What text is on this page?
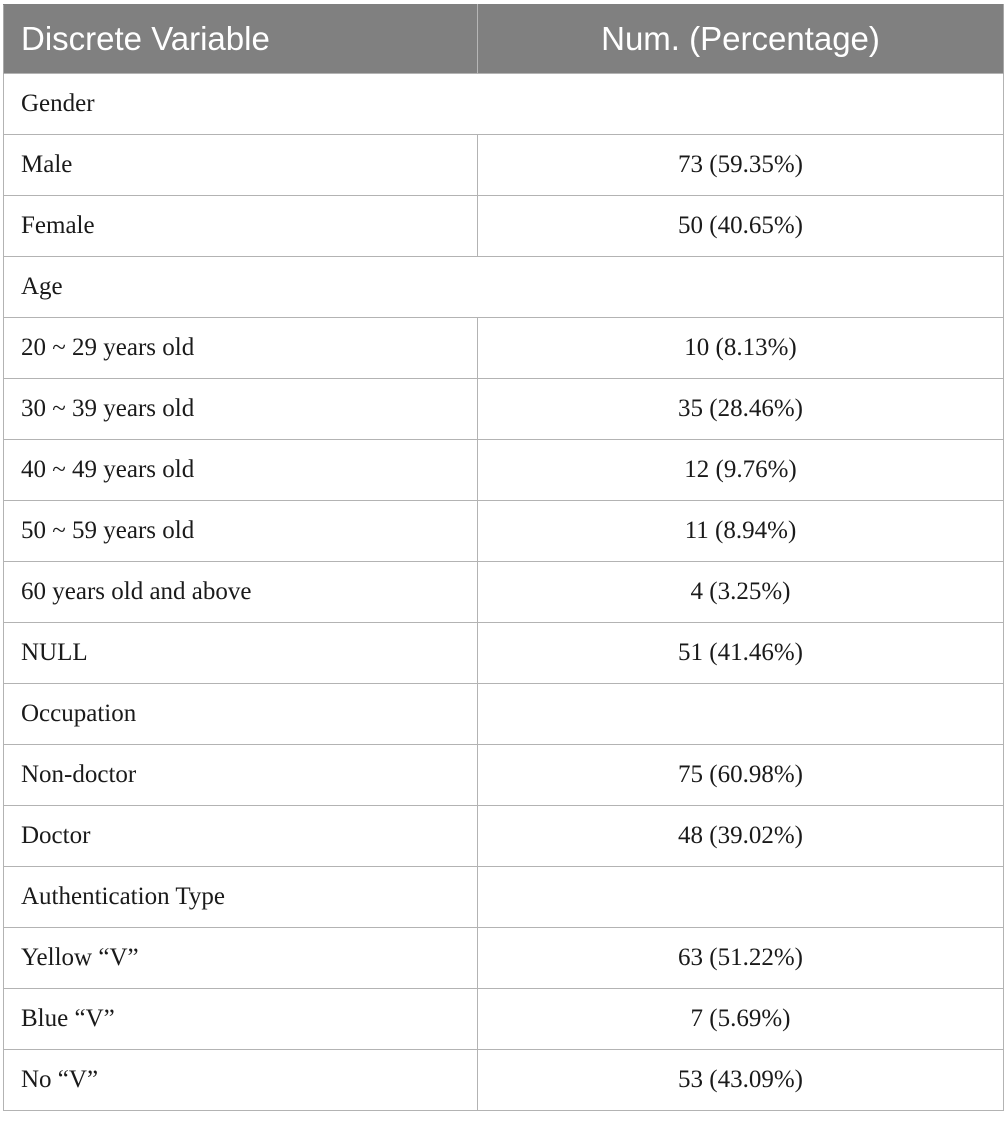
Discrete Variable	Num. (Percentage)
Gender	
Male	73 (59.35%)
Female	50 (40.65%)
Age	
20 ~ 29 years old	10 (8.13%)
30 ~ 39 years old	35 (28.46%)
40 ~ 49 years old	12 (9.76%)
50 ~ 59 years old	11 (8.94%)
60 years old and above	4 (3.25%)
NULL	51 (41.46%)
Occupation	
Non-doctor	75 (60.98%)
Doctor	48 (39.02%)
Authentication Type	
Yellow “V”	63 (51.22%)
Blue “V”	7 (5.69%)
No “V”	53 (43.09%)
